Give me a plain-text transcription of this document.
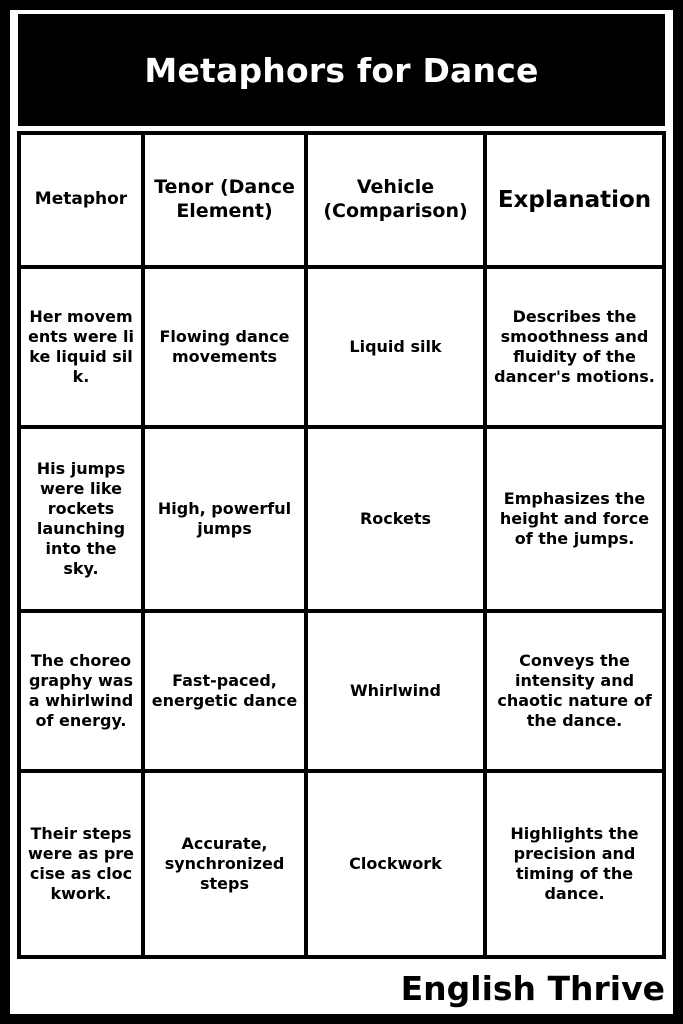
Metaphors for Dance
Metaphor	Tenor (Dance Element)	Vehicle (Comparison)	Explanation
Her movements were like liquid silk.	Flowing dance movements	Liquid silk	Describes the smoothness and fluidity of the dancer's motions.
His jumps were like rockets launching into the sky.	High, powerful jumps	Rockets	Emphasizes the height and force of the jumps.
The choreography was a whirlwind of energy.	Fast-paced, energetic dance	Whirlwind	Conveys the intensity and chaotic nature of the dance.
Their steps were as precise as clockwork.	Accurate, synchronized steps	Clockwork	Highlights the precision and timing of the dance.
English Thrive
